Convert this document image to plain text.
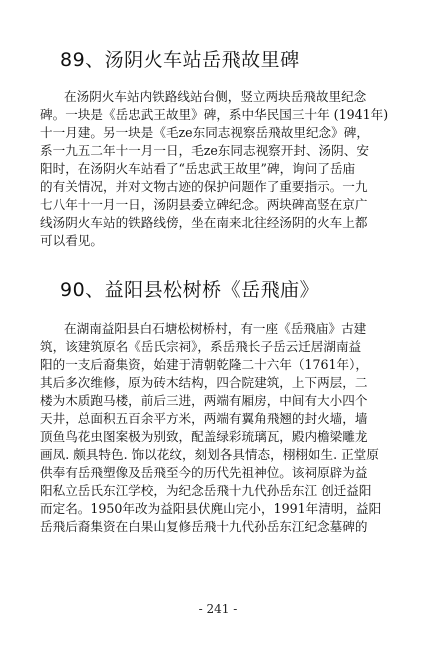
89、汤阴火车站岳飛故里碑
在汤阴火车站内铁路线站台侧，竖立两块岳飛故里纪念
碑。一块是《岳忠武王故里》碑，系中华民国三十年 (1941年)
十一月建。另一块是《毛ze东同志视察岳飛故里纪念》碑，
系一九五二年十一月一日，毛ze东同志视察开封、汤阴、安
阳时，在汤阴火车站看了“岳忠武王故里”碑，询问了岳庙
的有关情况，并对文物古迹的保护问题作了重要指示。一九
七八年十一月一日，汤阴县委立碑纪念。两块碑高竖在京广
线汤阴火车站的铁路线傍，坐在南来北往经汤阴的火车上都
可以看见。
90、益阳县松树桥《岳飛庙》
在湖南益阳县白石塘松树桥村，有一座《岳飛庙》古建
筑，该建筑原名《岳氏宗祠》，系岳飛长子岳云迁居湖南益
阳的一支后裔集资，始建于清朝乾隆二十六年（1761年），
其后多次维修，原为砖木结构，四合院建筑，上下两层，二
楼为木质跑马楼，前后三进，两端有厢房，中间有大小四个
天井，总面积五百余平方米，两端有翼角飛翘的封火墙，墙
顶鱼鸟花虫图案极为别致，配盖绿彩琉璃瓦，殿内檐梁雕龙
画凤. 颇具特色. 饰以花纹，刻划各具情态，栩栩如生. 正堂原
供奉有岳飛塑像及岳飛至今的历代先祖神位。该祠原辟为益
阳私立岳氏东江学校，为纪念岳飛十九代孙岳东江 创迁益阳
而定名。1950年改为益阳县伏麂山完小，1991年清明，益阳
岳飛后裔集资在白果山复修岳飛十九代孙岳东江纪念墓碑的
- 241 -
